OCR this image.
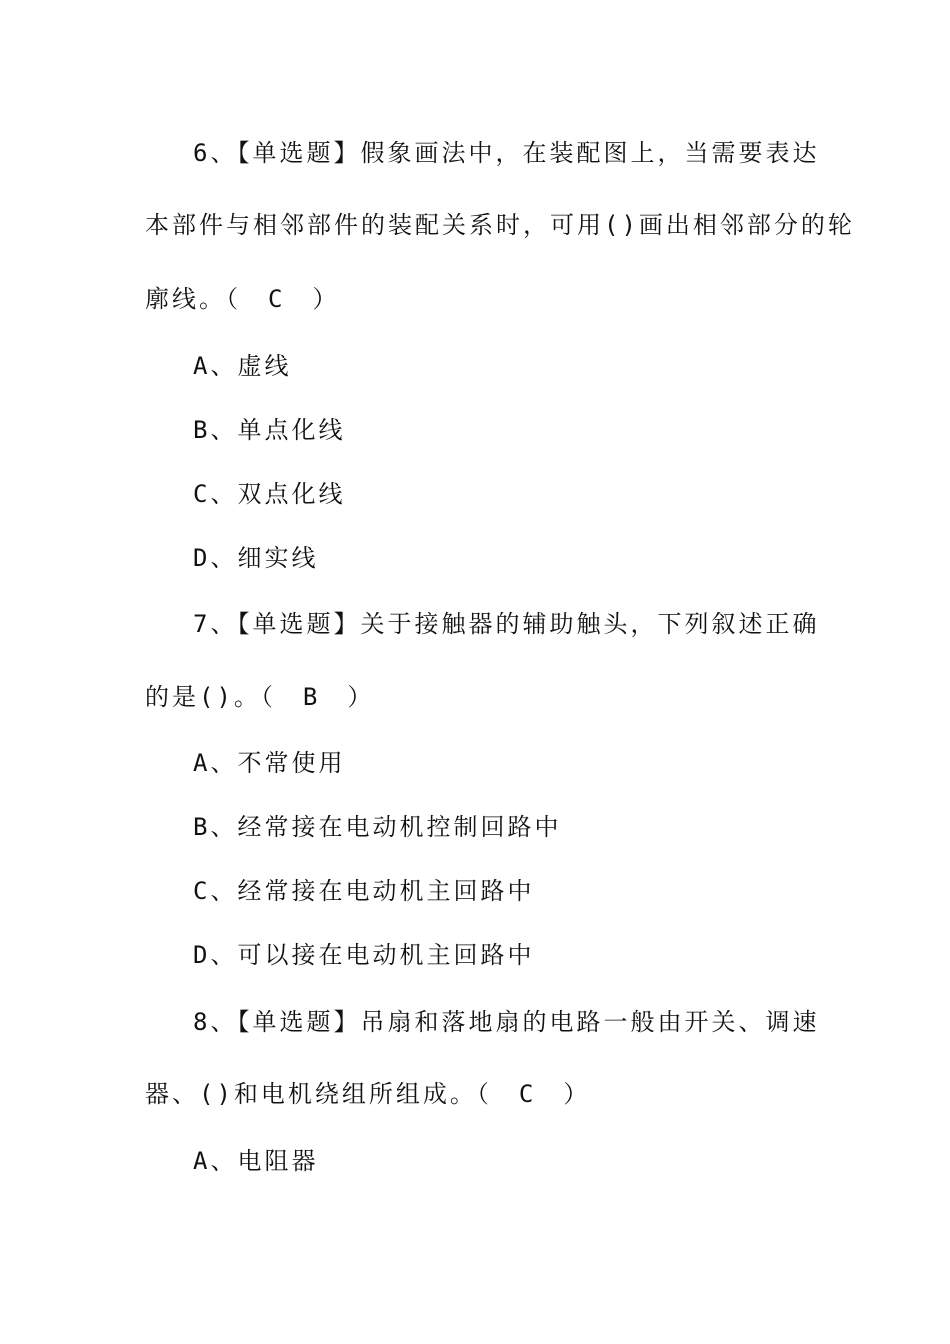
6、【单选题】假象画法中，在装配图上，当需要表达
本部件与相邻部件的装配关系时，可用()画出相邻部分的轮
廓线。（　C　）
A、虚线
B、单点化线
C、双点化线
D、细实线
7、【单选题】关于接触器的辅助触头，下列叙述正确
的是()。（　B　）
A、不常使用
B、经常接在电动机控制回路中
C、经常接在电动机主回路中
D、可以接在电动机主回路中
8、【单选题】吊扇和落地扇的电路一般由开关、调速
器、()和电机绕组所组成。（　C　）
A、电阻器
